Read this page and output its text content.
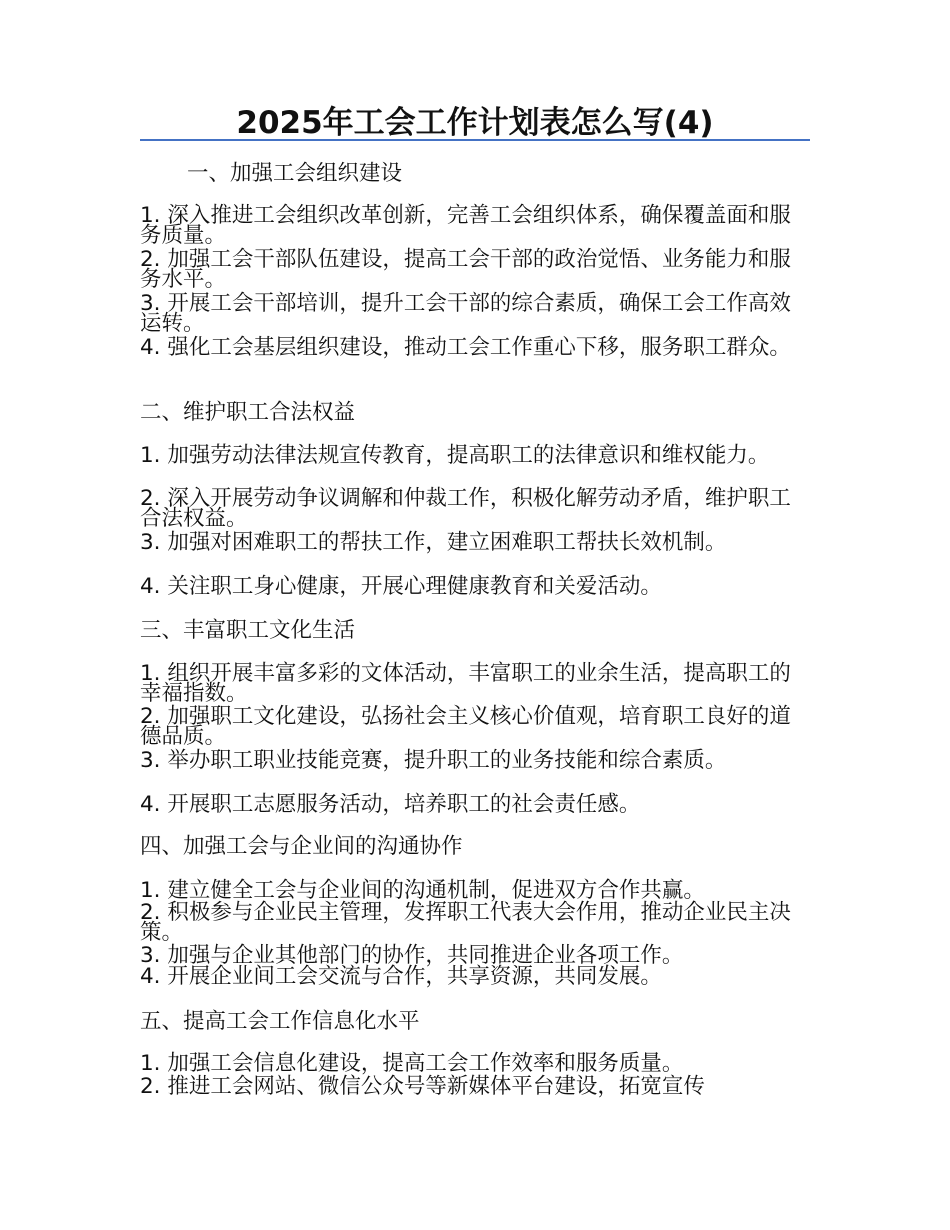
2025年工会工作计划表怎么写(4)
一、加强工会组织建设
1. 深入推进工会组织改革创新，完善工会组织体系，确保覆盖面和服务质量。
2. 加强工会干部队伍建设，提高工会干部的政治觉悟、业务能力和服务水平。
3. 开展工会干部培训，提升工会干部的综合素质，确保工会工作高效运转。
4. 强化工会基层组织建设，推动工会工作重心下移，服务职工群众。
二、维护职工合法权益
1. 加强劳动法律法规宣传教育，提高职工的法律意识和维权能力。
2. 深入开展劳动争议调解和仲裁工作，积极化解劳动矛盾，维护职工合法权益。
3. 加强对困难职工的帮扶工作，建立困难职工帮扶长效机制。
4. 关注职工身心健康，开展心理健康教育和关爱活动。
三、丰富职工文化生活
1. 组织开展丰富多彩的文体活动，丰富职工的业余生活，提高职工的幸福指数。
2. 加强职工文化建设，弘扬社会主义核心价值观，培育职工良好的道德品质。
3. 举办职工职业技能竞赛，提升职工的业务技能和综合素质。
4. 开展职工志愿服务活动，培养职工的社会责任感。
四、加强工会与企业间的沟通协作
1. 建立健全工会与企业间的沟通机制，促进双方合作共赢。
2. 积极参与企业民主管理，发挥职工代表大会作用，推动企业民主决策。
3. 加强与企业其他部门的协作，共同推进企业各项工作。
4. 开展企业间工会交流与合作，共享资源，共同发展。
五、提高工会工作信息化水平
1. 加强工会信息化建设，提高工会工作效率和服务质量。
2. 推进工会网站、微信公众号等新媒体平台建设，拓宽宣传
